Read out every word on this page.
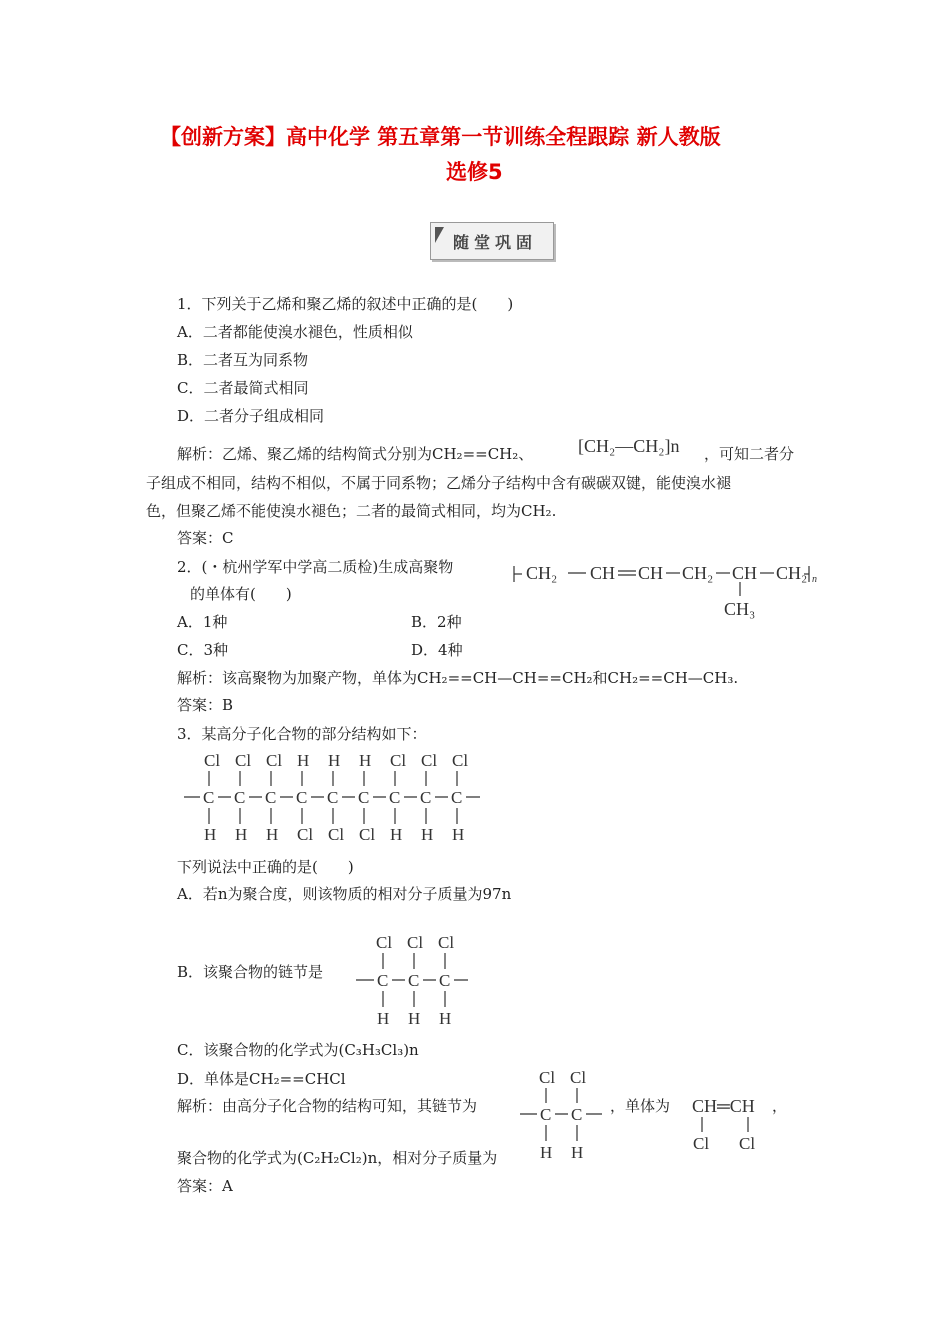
【创新方案】高中化学 第五章第一节训练全程跟踪 新人教版
选修5
随堂巩固
1．下列关于乙烯和聚乙烯的叙述中正确的是(　　)
A．二者都能使溴水褪色，性质相似
B．二者互为同系物
C．二者最简式相同
D．二者分子组成相同
解析：乙烯、聚乙烯的结构简式分别为CH₂==CH₂、 [CH₂—CH₂]n ，可知二者分
子组成不相同，结构不相似，不属于同系物；乙烯分子结构中含有碳碳双键，能使溴水褪
色，但聚乙烯不能使溴水褪色；二者的最简式相同，均为CH₂.
答案：C
2．(・杭州学军中学高二质检)生成高聚物
的单体有(　　)
CH₂ CH CH CH₂ CH
CH₃
CH₂ n
A．1种	B．2种
C．3种	D．4种
解析：该高聚物为加聚产物，单体为CH₂==CH—CH==CH₂和CH₂==CH—CH₃.
答案：B
3．某高分子化合物的部分结构如下：
Cl
C
H
Cl
C
H
Cl
C
H
H
C
Cl
H
C
Cl
H
C
Cl
Cl
C
H
Cl
C
H
Cl
C
H
下列说法中正确的是(　　)
A．若n为聚合度，则该物质的相对分子质量为97n
B．该聚合物的链节是
Cl Cl Cl
C C C
H H H
C．该聚合物的化学式为(C₃H₃Cl₃)n
D．单体是CH₂==CHCl
解析：由高分子化合物的结构可知，其链节为
Cl Cl
C C
H H
，单体为 CH═CH
Cl Cl
，
聚合物的化学式为(C₂H₂Cl₂)n，相对分子质量为
答案：A
